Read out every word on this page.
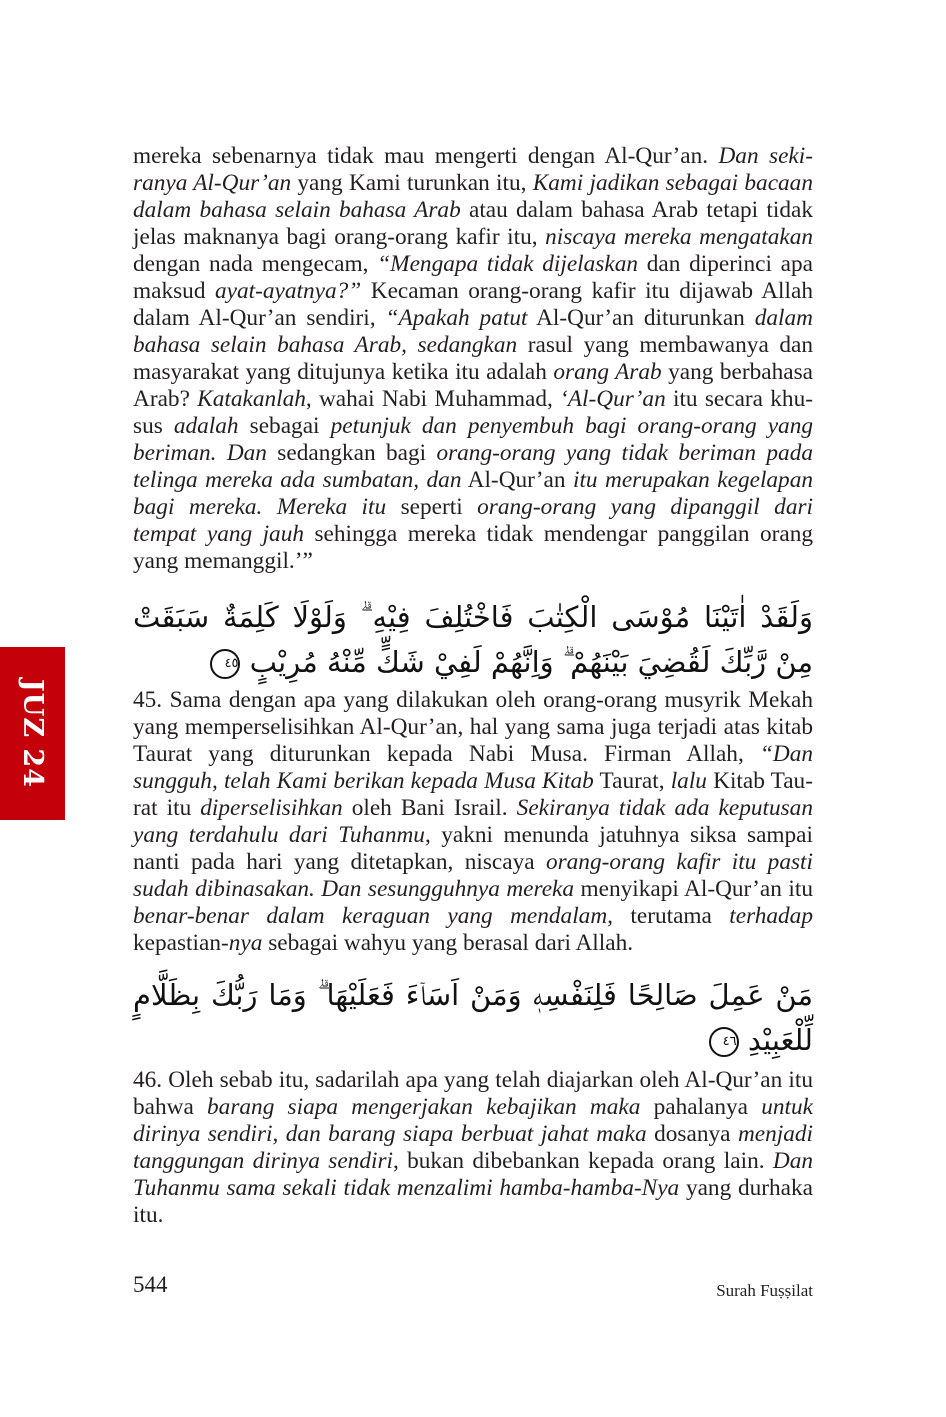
JUZ 24

mereka sebenarnya tidak mau mengerti dengan Al-Qur’an. Dan sekiranya Al-Qur’an yang Kami turunkan itu, Kami jadikan sebagai bacaan dalam bahasa selain bahasa Arab atau dalam bahasa Arab tetapi tidak jelas maknanya bagi orang-orang kafir itu, niscaya mereka mengatakan dengan nada mengecam, “Mengapa tidak dijelaskan dan diperinci apa maksud ayat-ayatnya?” Kecaman orang-orang kafir itu dijawab Allah dalam Al-Qur’an sendiri, “Apakah patut Al-Qur’an diturunkan dalam bahasa selain bahasa Arab, sedangkan rasul yang membawanya dan masyarakat yang ditujunya ketika itu adalah orang Arab yang berbahasa Arab? Katakanlah, wahai Nabi Muhammad, ‘Al-Qur’an itu secara khusus adalah sebagai petunjuk dan penyembuh bagi orang-orang yang beriman. Dan sedangkan bagi orang-orang yang tidak beriman pada telinga mereka ada sumbatan, dan Al-Qur’an itu merupakan kegelapan bagi mereka. Mereka itu seperti orang-orang yang dipanggil dari tempat yang jauh sehingga mereka tidak mendengar panggilan orang yang memanggil.’”

وَلَقَدْ اٰتَيْنَا مُوْسَى الْكِتٰبَ فَاخْتُلِفَ فِيْهِ ۗ وَلَوْلَا كَلِمَةٌ سَبَقَتْ مِنْ رَّبِّكَ لَقُضِيَ بَيْنَهُمْ ۗ وَاِنَّهُمْ لَفِيْ شَكٍّ مِّنْهُ مُرِيْبٍ ٤٥

45. Sama dengan apa yang dilakukan oleh orang-orang musyrik Mekah yang memperselisihkan Al-Qur’an, hal yang sama juga terjadi atas kitab Taurat yang diturunkan kepada Nabi Musa. Firman Allah, “Dan sungguh, telah Kami berikan kepada Musa Kitab Taurat, lalu Kitab Taurat itu diperselisihkan oleh Bani Israil. Sekiranya tidak ada keputusan yang terdahulu dari Tuhanmu, yakni menunda jatuhnya siksa sampai nanti pada hari yang ditetapkan, niscaya orang-orang kafir itu pasti sudah dibinasakan. Dan sesungguhnya mereka menyikapi Al-Qur’an itu benar-benar dalam keraguan yang mendalam, terutama terhadap kepastian-nya sebagai wahyu yang berasal dari Allah.

مَنْ عَمِلَ صَالِحًا فَلِنَفْسِهٖ وَمَنْ اَسَاۤءَ فَعَلَيْهَا ۗ وَمَا رَبُّكَ بِظَلَّامٍ لِّلْعَبِيْدِ ٤٦

46. Oleh sebab itu, sadarilah apa yang telah diajarkan oleh Al-Qur’an itu bahwa barang siapa mengerjakan kebajikan maka pahalanya untuk dirinya sendiri, dan barang siapa berbuat jahat maka dosanya menjadi tanggungan dirinya sendiri, bukan dibebankan kepada orang lain. Dan Tuhanmu sama sekali tidak menzalimi hamba-hamba-Nya yang durhaka itu.

544	Surah Fuṣṣilat
